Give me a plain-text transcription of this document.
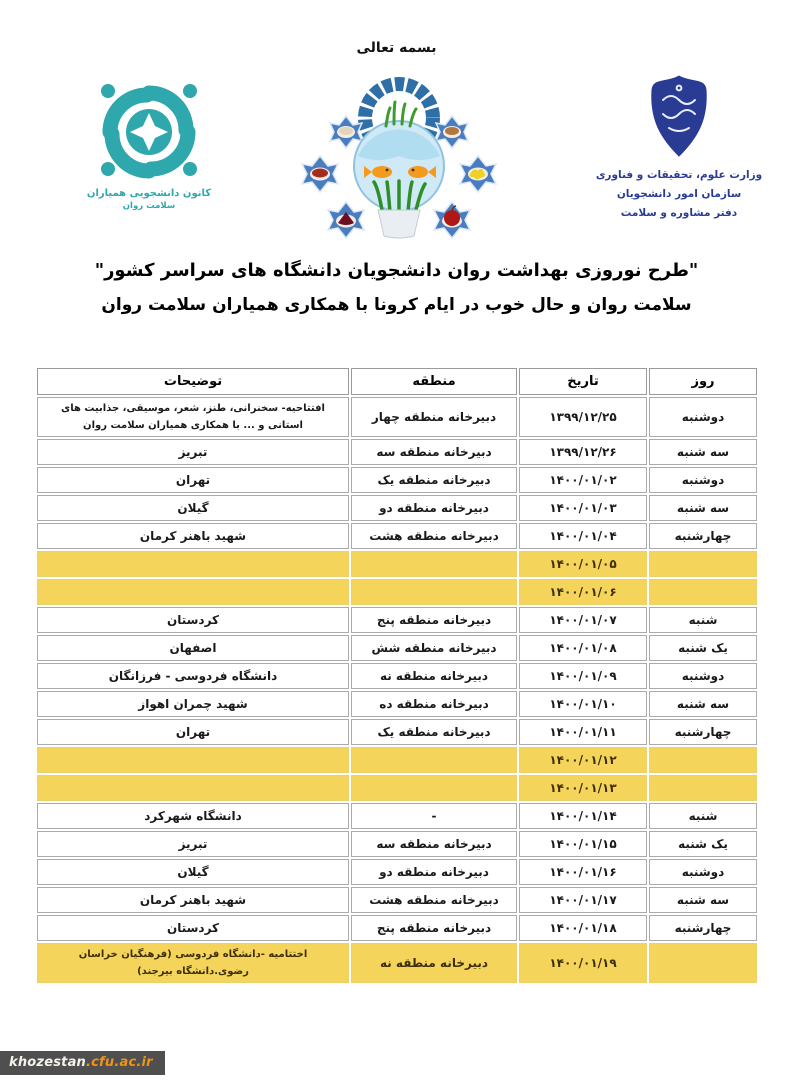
بسمه تعالی
کانون دانشجویی همیاران
سلامت روان
وزارت علوم، تحقیقات و فناوری
سازمان امور دانشجویان
دفتر مشاوره و سلامت
"طرح نوروزی بهداشت روان دانشجویان دانشگاه های سراسر کشور"
سلامت روان و حال خوب در ایام کرونا با همکاری همیاران سلامت روان
روز	تاریخ	منطقه	توضیحات
دوشنبه	۱۳۹۹/۱۲/۲۵	دبیرخانه منطقه چهار	افتتاحیه- سخنرانی، طنز، شعر، موسیقی، جذابیت های استانی و ... با همکاری همیاران سلامت روان
سه شنبه	۱۳۹۹/۱۲/۲۶	دبیرخانه منطقه سه	تبریز
دوشنبه	۱۴۰۰/۰۱/۰۲	دبیرخانه منطقه یک	تهران
سه شنبه	۱۴۰۰/۰۱/۰۳	دبیرخانه منطقه دو	گیلان
چهارشنبه	۱۴۰۰/۰۱/۰۴	دبیرخانه منطقه هشت	شهید باهنر کرمان
	۱۴۰۰/۰۱/۰۵		
	۱۴۰۰/۰۱/۰۶		
شنبه	۱۴۰۰/۰۱/۰۷	دبیرخانه منطقه پنج	کردستان
یک شنبه	۱۴۰۰/۰۱/۰۸	دبیرخانه منطقه شش	اصفهان
دوشنبه	۱۴۰۰/۰۱/۰۹	دبیرخانه منطقه نه	دانشگاه فردوسی - فرزانگان
سه شنبه	۱۴۰۰/۰۱/۱۰	دبیرخانه منطقه ده	شهید چمران اهواز
چهارشنبه	۱۴۰۰/۰۱/۱۱	دبیرخانه منطقه یک	تهران
	۱۴۰۰/۰۱/۱۲		
	۱۴۰۰/۰۱/۱۳		
شنبه	۱۴۰۰/۰۱/۱۴	-	دانشگاه شهرکرد
یک شنبه	۱۴۰۰/۰۱/۱۵	دبیرخانه منطقه سه	تبریز
دوشنبه	۱۴۰۰/۰۱/۱۶	دبیرخانه منطقه دو	گیلان
سه شنبه	۱۴۰۰/۰۱/۱۷	دبیرخانه منطقه هشت	شهید باهنر کرمان
چهارشنبه	۱۴۰۰/۰۱/۱۸	دبیرخانه منطقه پنج	کردستان
	۱۴۰۰/۰۱/۱۹	دبیرخانه منطقه نه	اختتامیه -دانشگاه فردوسی (فرهنگیان خراسان رضوی.دانشگاه بیرجند)
khozestan.cfu.ac.ir
